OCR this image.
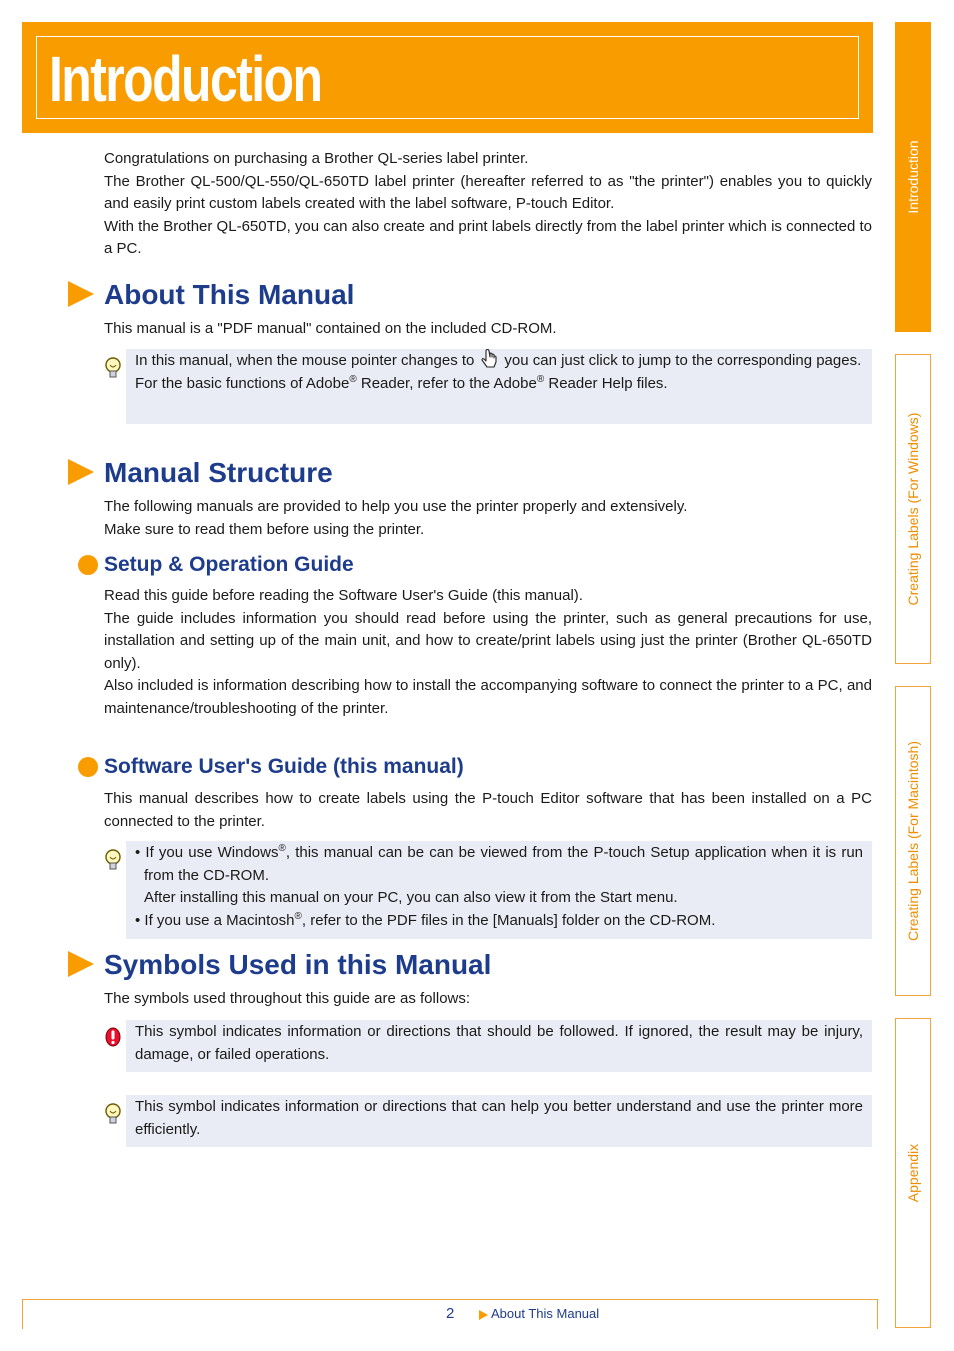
Introduction
Introduction
Creating Labels (For Windows)
Creating Labels (For Macintosh)
Appendix
Congratulations on purchasing a Brother QL-series label printer.
The Brother QL-500/QL-550/QL-650TD label printer (hereafter referred to as "the printer") enables you to quickly and easily print custom labels created with the label software, P-touch Editor.
With the Brother QL-650TD, you can also create and print labels directly from the label printer which is connected to a PC.
About This Manual
This manual is a "PDF manual" contained on the included CD-ROM.
In this manual, when the mouse pointer changes to you can just click to jump to the corresponding pages.
For the basic functions of Adobe® Reader, refer to the Adobe® Reader Help files.
Manual Structure
The following manuals are provided to help you use the printer properly and extensively.
Make sure to read them before using the printer.
Setup & Operation Guide
Read this guide before reading the Software User's Guide (this manual).
The guide includes information you should read before using the printer, such as general precautions for use, installation and setting up of the main unit, and how to create/print labels using just the printer (Brother QL-650TD only).
Also included is information describing how to install the accompanying software to connect the printer to a PC, and maintenance/troubleshooting of the printer.
Software User's Guide (this manual)
This manual describes how to create labels using the P-touch Editor software that has been installed on a PC connected to the printer.
• If you use Windows®, this manual can be can be viewed from the P-touch Setup application when it is run from the CD-ROM.
After installing this manual on your PC, you can also view it from the Start menu.
• If you use a Macintosh®, refer to the PDF files in the [Manuals] folder on the CD-ROM.
Symbols Used in this Manual
The symbols used throughout this guide are as follows:
This symbol indicates information or directions that should be followed. If ignored, the result may be injury, damage, or failed operations.
This symbol indicates information or directions that can help you better understand and use the printer more efficiently.
2	About This Manual
